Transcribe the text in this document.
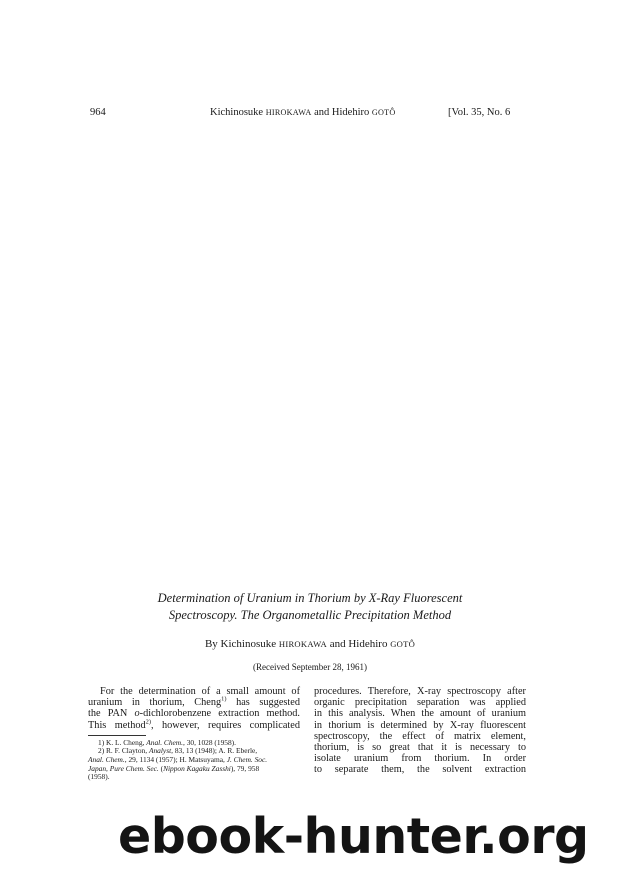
964	Kichinosuke HIROKAWA and Hidehiro GOTÔ	[Vol. 35, No. 6
Determination of Uranium in Thorium by X-Ray Fluorescent
Spectroscopy. The Organometallic Precipitation Method
By Kichinosuke HIROKAWA and Hidehiro GOTÔ
(Received September 28, 1961)
For the determination of a small amount of
uranium in thorium, Cheng$^{1)}$ has suggested
the PAN o-dichlorobenzene extraction method.
This method$^{2)}$, however, requires complicated
1) K. L. Cheng, Anal. Chem., 30, 1028 (1958).
2) R. F. Clayton, Analyst, 83, 13 (1948); A. R. Eberle,
Anal. Chem., 29, 1134 (1957); H. Matsuyama, J. Chem. Soc.
Japan, Pure Chem. Sec. (Nippon Kagaku Zasshi), 79, 958
(1958).
procedures. Therefore, X-ray spectroscopy after
organic precipitation separation was applied
in this analysis. When the amount of uranium
in thorium is determined by X-ray fluorescent
spectroscopy, the effect of matrix element,
thorium, is so great that it is necessary to
isolate uranium from thorium. In order
to separate them, the solvent extraction
ebook-hunter.org
